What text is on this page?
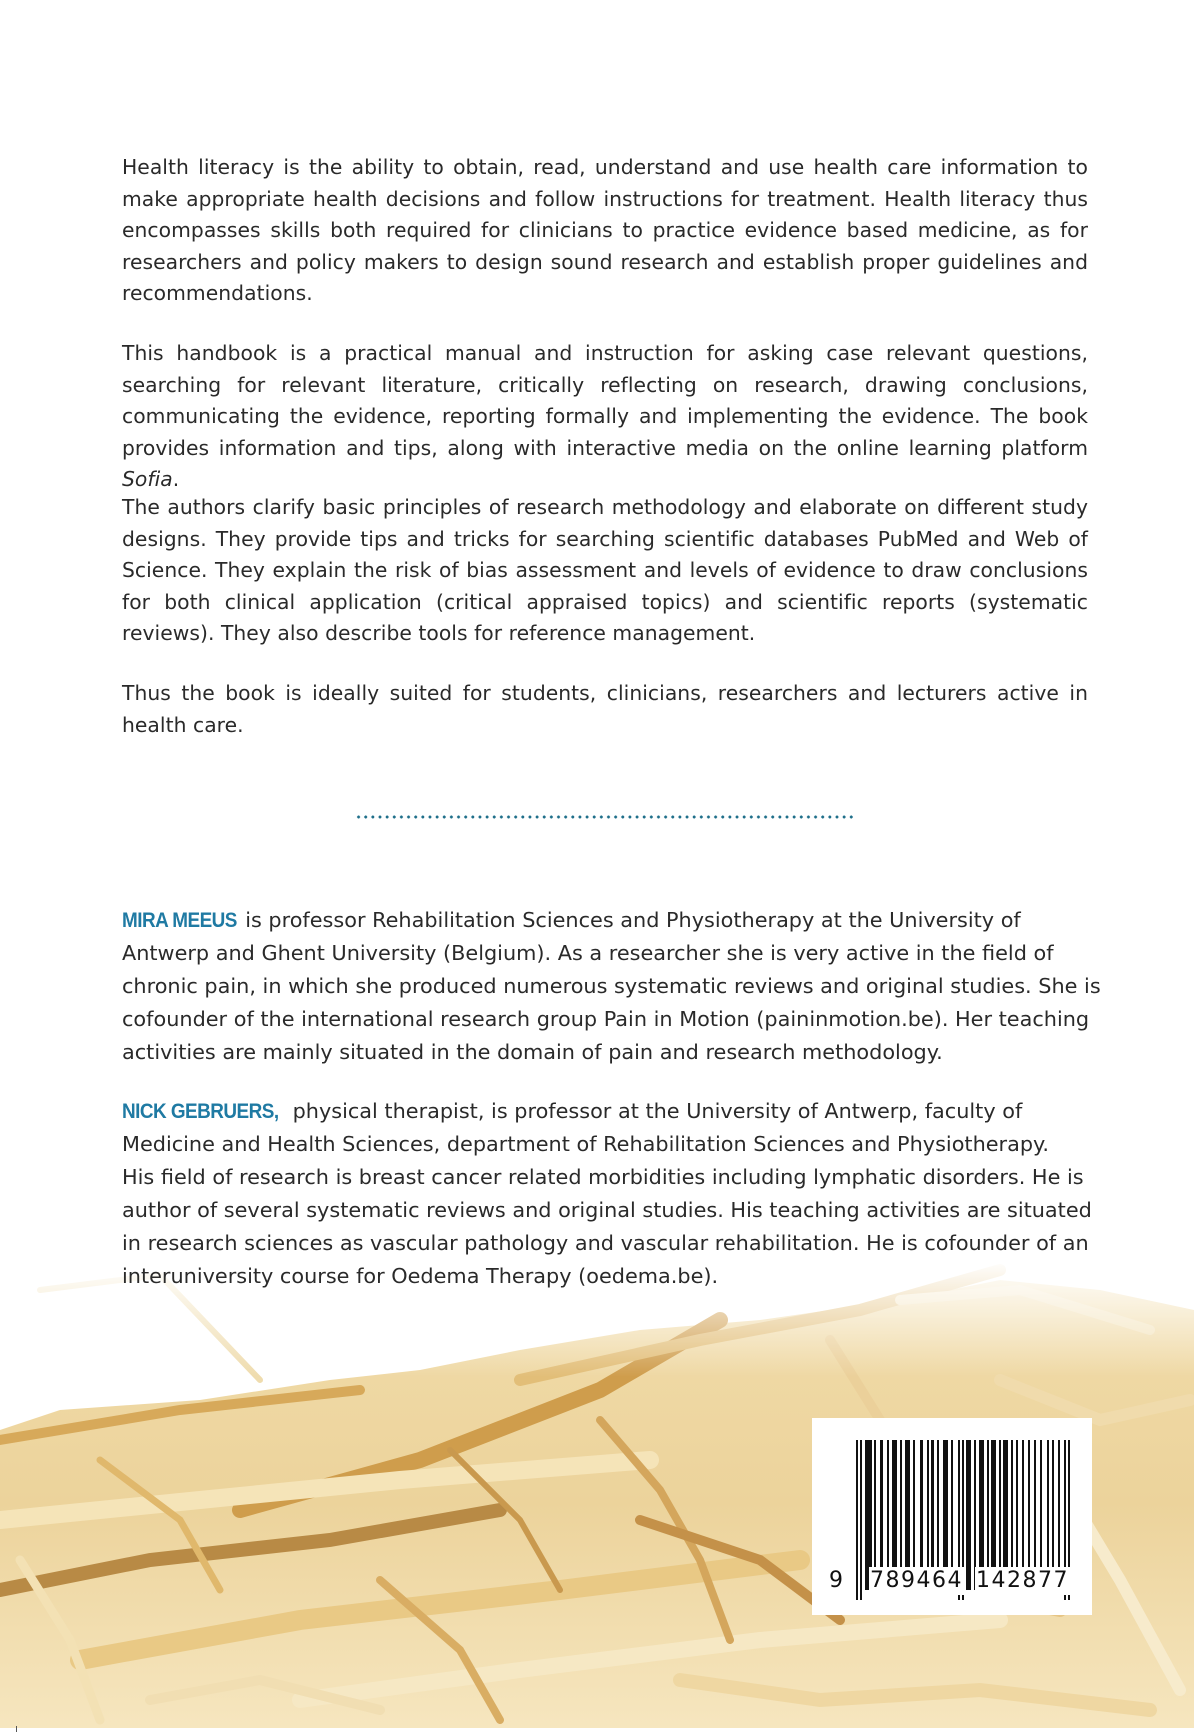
Health literacy is the ability to obtain, read, understand and use health care information to make appropriate health decisions and follow instructions for treatment. Health literacy thus encompasses skills both required for clinicians to practice evidence based medicine, as for researchers and policy makers to design sound research and establish proper guidelines and recommendations.

This handbook is a practical manual and instruction for asking case relevant questions, searching for relevant literature, critically reflecting on research, drawing conclusions, communicating the evidence, reporting formally and implementing the evidence. The book provides information and tips, along with interactive media on the online learning platform Sofia.

The authors clarify basic principles of research methodology and elaborate on different study designs. They provide tips and tricks for searching scientific databases PubMed and Web of Science. They explain the risk of bias assessment and levels of evidence to draw conclusions for both clinical application (critical appraised topics) and scientific reports (systematic reviews). They also describe tools for reference management.

Thus the book is ideally suited for students, clinicians, researchers and lecturers active in health care.

MIRA MEEUS is professor Rehabilitation Sciences and Physiotherapy at the University of
Antwerp and Ghent University (Belgium). As a researcher she is very active in the field of
chronic pain, in which she produced numerous systematic reviews and original studies. She is
cofounder of the international research group Pain in Motion (paininmotion.be). Her teaching
activities are mainly situated in the domain of pain and research methodology.
NICK GEBRUERS, physical therapist, is professor at the University of Antwerp, faculty of
Medicine and Health Sciences, department of Rehabilitation Sciences and Physiotherapy.
His field of research is breast cancer related morbidities including lymphatic disorders. He is
author of several systematic reviews and original studies. His teaching activities are situated
in research sciences as vascular pathology and vascular rehabilitation. He is cofounder of an
interuniversity course for Oedema Therapy (oedema.be).
9 789464 142877
